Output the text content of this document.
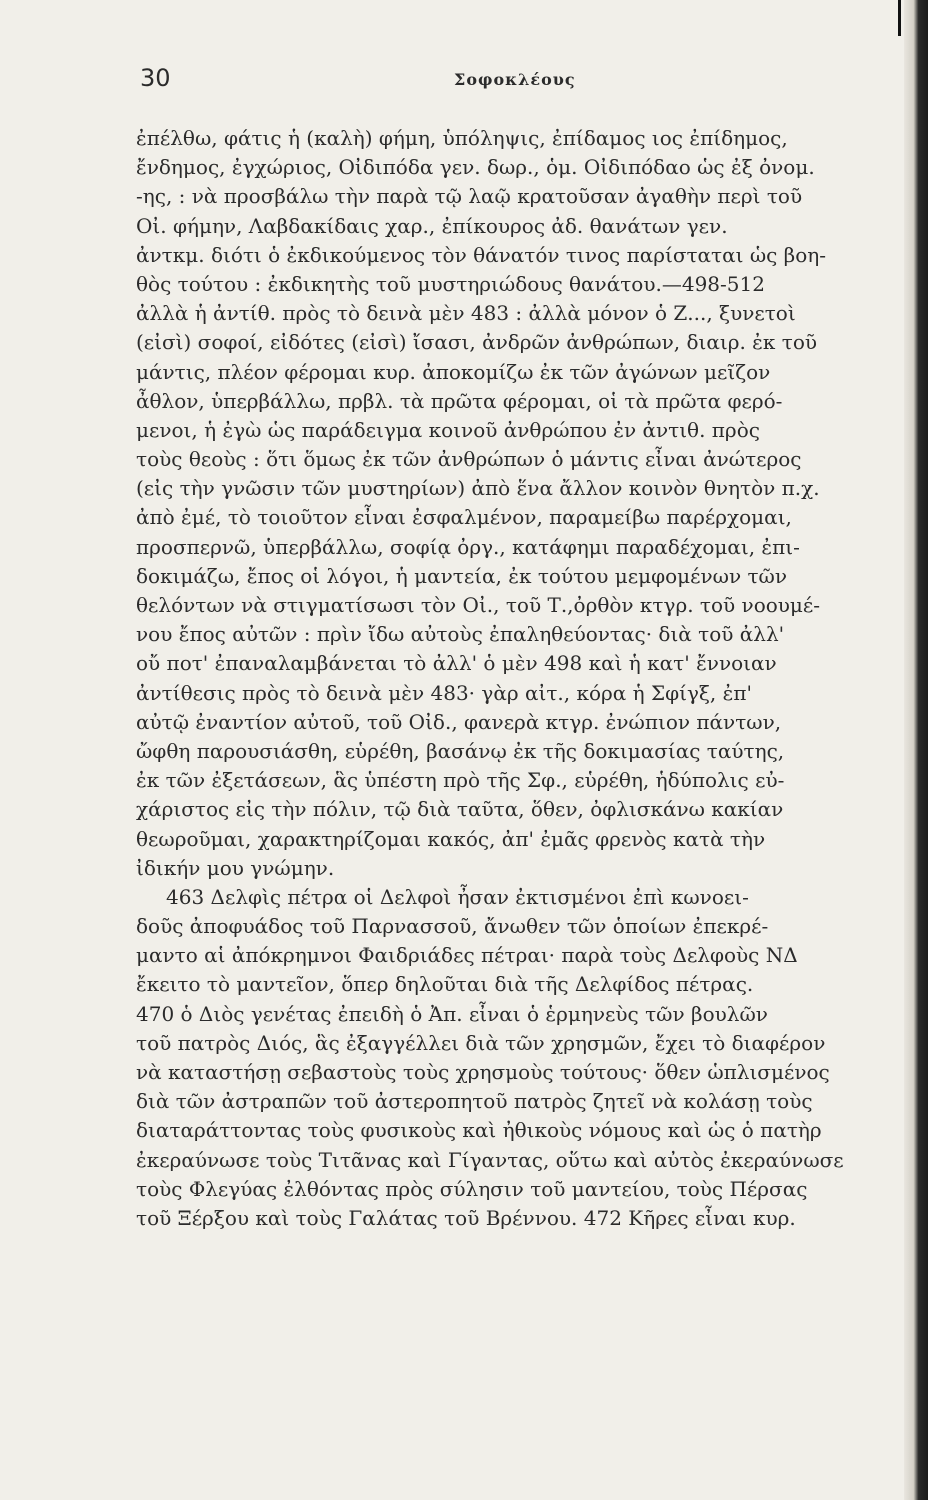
30	Σοφοκλέους
ἐπέλθω, φάτις ἡ (καλὴ) φήμη, ὑπόληψις, ἐπίδαμος ιος ἐπίδημος,
ἔνδημος, ἐγχώριος, Οἰδιπόδα γεν. δωρ., ὁμ. Οἰδιπόδαο ὡς ἐξ ὀνομ.
-ης, : νὰ προσβάλω τὴν παρὰ τῷ λαῷ κρατοῦσαν ἀγαθὴν περὶ τοῦ
Οἰ. φήμην, Λαβδακίδαις χαρ., ἐπίκουρος ἀδ. θανάτων γεν.
ἀντκμ. διότι ὁ ἐκδικούμενος τὸν θάνατόν τινος παρίσταται ὡς βοη-
θὸς τούτου : ἐκδικητὴς τοῦ μυστηριώδους θανάτου.—498-512
ἀλλὰ ἡ ἀντίθ. πρὸς τὸ δεινὰ μὲν 483 : ἀλλὰ μόνον ὁ Ζ..., ξυνετοὶ
(εἰσὶ) σοφοί, εἰδότες (εἰσὶ) ἴσασι, ἀνδρῶν ἀνθρώπων, διαιρ. ἐκ τοῦ
μάντις, πλέον φέρομαι κυρ. ἀποκομίζω ἐκ τῶν ἀγώνων μεῖζον
ἆθλον, ὑπερβάλλω, πρβλ. τὰ πρῶτα φέρομαι, οἱ τὰ πρῶτα φερό-
μενοι, ἡ ἐγὼ ὡς παράδειγμα κοινοῦ ἀνθρώπου ἐν ἀντιθ. πρὸς
τοὺς θεοὺς : ὅτι ὅμως ἐκ τῶν ἀνθρώπων ὁ μάντις εἶναι ἀνώτερος
(εἰς τὴν γνῶσιν τῶν μυστηρίων) ἀπὸ ἕνα ἄλλον κοινὸν θνητὸν π.χ.
ἀπὸ ἐμέ, τὸ τοιοῦτον εἶναι ἐσφαλμένον, παραμείβω παρέρχομαι,
προσπερνῶ, ὑπερβάλλω, σοφίᾳ ὀργ., κατάφημι παραδέχομαι, ἐπι-
δοκιμάζω, ἔπος οἱ λόγοι, ἡ μαντεία, ἐκ τούτου μεμφομένων τῶν
θελόντων νὰ στιγματίσωσι τὸν Οἰ., τοῦ Τ.,ὀρθὸν κτγρ. τοῦ νοουμέ-
νου ἔπος αὐτῶν : πρὶν ἴδω αὐτοὺς ἐπαληθεύοντας· διὰ τοῦ ἀλλ'
οὔ ποτ' ἐπαναλαμβάνεται τὸ ἀλλ' ὁ μὲν 498 καὶ ἡ κατ' ἔννοιαν
ἀντίθεσις πρὸς τὸ δεινὰ μὲν 483· γὰρ αἰτ., κόρα ἡ Σφίγξ, ἐπ'
αὐτῷ ἐναντίον αὐτοῦ, τοῦ Οἰδ., φανερὰ κτγρ. ἐνώπιον πάντων,
ὤφθη παρουσιάσθη, εὑρέθη, βασάνῳ ἐκ τῆς δοκιμασίας ταύτης,
ἐκ τῶν ἐξετάσεων, ἃς ὑπέστη πρὸ τῆς Σφ., εὑρέθη, ἡδύπολις εὐ-
χάριστος εἰς τὴν πόλιν, τῷ διὰ ταῦτα, ὅθεν, ὀφλισκάνω κακίαν
θεωροῦμαι, χαρακτηρίζομαι κακός, ἀπ' ἐμᾶς φρενὸς κατὰ τὴν
ἰδικήν μου γνώμην.
463 Δελφὶς πέτρα οἱ Δελφοὶ ἦσαν ἐκτισμένοι ἐπὶ κωνοει-
δοῦς ἀποφυάδος τοῦ Παρνασσοῦ, ἄνωθεν τῶν ὁποίων ἐπεκρέ-
μαντο αἱ ἀπόκρημνοι Φαιδριάδες πέτραι· παρὰ τοὺς Δελφοὺς ΝΔ
ἔκειτο τὸ μαντεῖον, ὅπερ δηλοῦται διὰ τῆς Δελφίδος πέτρας.
470 ὁ Διὸς γενέτας ἐπειδὴ ὁ Ἀπ. εἶναι ὁ ἑρμηνεὺς τῶν βουλῶν
τοῦ πατρὸς Διός, ἃς ἐξαγγέλλει διὰ τῶν χρησμῶν, ἔχει τὸ διαφέρον
νὰ καταστήσῃ σεβαστοὺς τοὺς χρησμοὺς τούτους· ὅθεν ὡπλισμένος
διὰ τῶν ἀστραπῶν τοῦ ἀστεροπητοῦ πατρὸς ζητεῖ νὰ κολάσῃ τοὺς
διαταράττοντας τοὺς φυσικοὺς καὶ ἠθικοὺς νόμους καὶ ὡς ὁ πατὴρ
ἐκεραύνωσε τοὺς Τιτᾶνας καὶ Γίγαντας, οὕτω καὶ αὐτὸς ἐκεραύνωσε
τοὺς Φλεγύας ἐλθόντας πρὸς σύλησιν τοῦ μαντείου, τοὺς Πέρσας
τοῦ Ξέρξου καὶ τοὺς Γαλάτας τοῦ Βρέννου. 472 Κῆρες εἶναι κυρ.
